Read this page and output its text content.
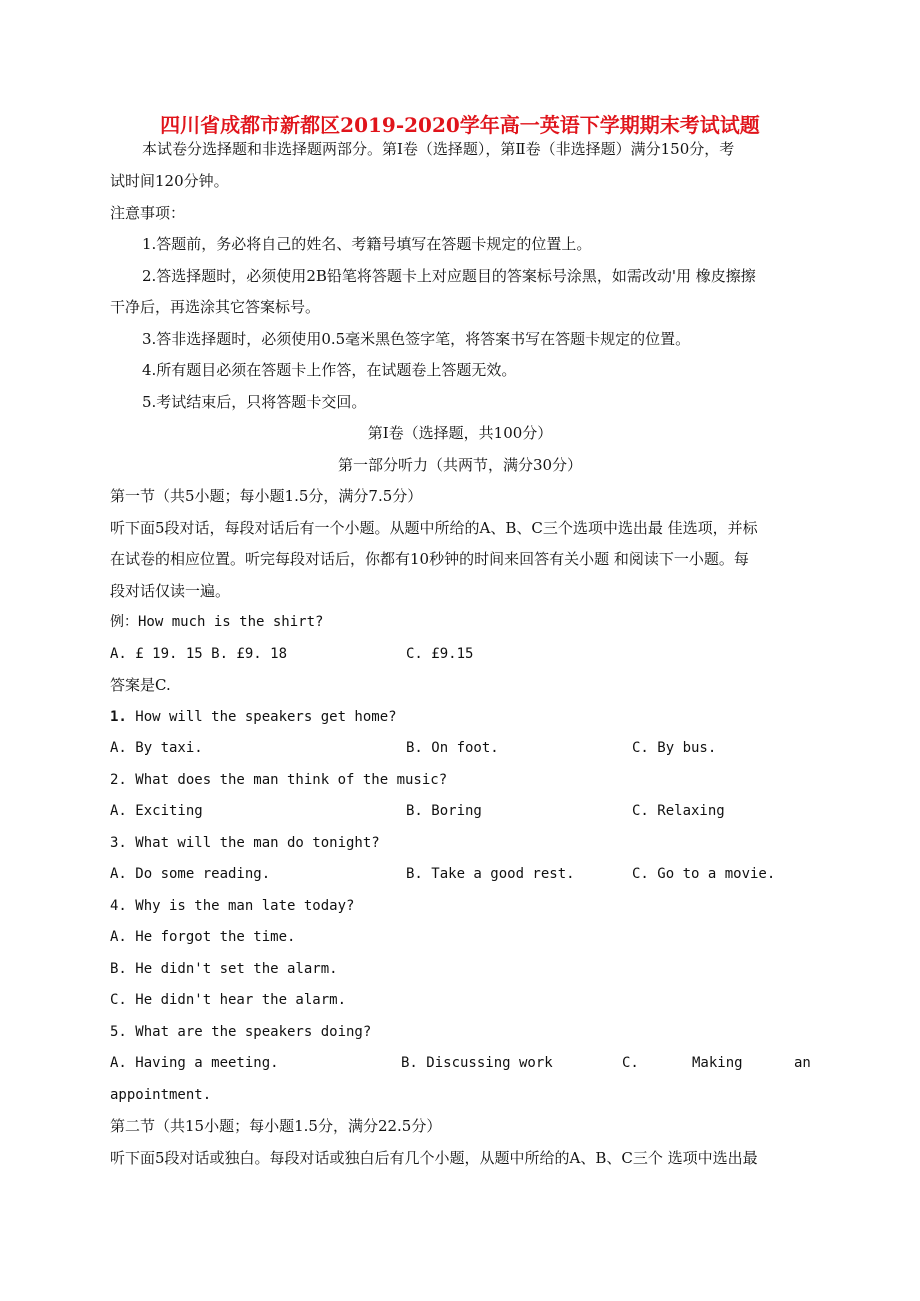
四川省成都市新都区2019-2020学年高一英语下学期期末考试试题
本试卷分选择题和非选择题两部分。第Ⅰ卷（选择题），第Ⅱ卷（非选择题）满分150分，考
试时间120分钟。
注意事项：
1.答题前，务必将自己的姓名、考籍号填写在答题卡规定的位置上。
2.答选择题时，必须使用2B铅笔将答题卡上对应题目的答案标号涂黑，如需改动'用 橡皮擦擦
干净后，再选涂其它答案标号。
3.答非选择题时，必须使用0.5毫米黑色签字笔，将答案书写在答题卡规定的位置。
4.所有题目必须在答题卡上作答，在试题卷上答题无效。
5.考试结束后，只将答题卡交回。
第Ⅰ卷（选择题，共100分）
第一部分听力（共两节，满分30分）
第一节（共5小题；每小题1.5分，满分7.5分）
听下面5段对话，每段对话后有一个小题。从题中所给的A、B、C三个选项中选出最 佳选项，并标
在试卷的相应位置。听完每段对话后，你都有10秒钟的时间来回答有关小题 和阅读下一小题。每
段对话仅读一遍。
例：How much is the shirt?
A. £ 19. 15 B. £9. 18	C. £9.15
答案是C.
1. How will the speakers get home?
A. By taxi.	B. On foot.	C. By bus.
2. What does the man think of the music?
A. Exciting	B. Boring	C. Relaxing
3. What will the man do tonight?
A. Do some reading.	B. Take a good rest.	C. Go to a movie.
4. Why is the man late today?
A. He forgot the time.
B. He didn't set the alarm.
C. He didn't hear the alarm.
5. What are the speakers doing?
A. Having a meeting.	B. Discussing work	C.	Making	an
appointment.
第二节（共15小题；每小题1.5分，满分22.5分）
听下面5段对话或独白。每段对话或独白后有几个小题，从题中所给的A、B、C三个 选项中选出最
